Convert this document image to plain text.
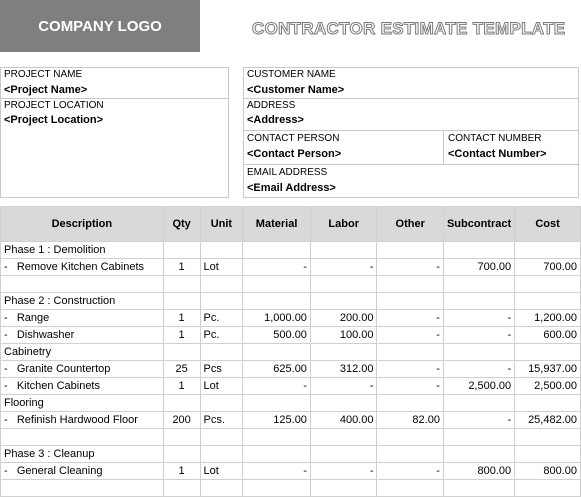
COMPANY LOGO	CONTRACTOR ESTIMATE TEMPLATE
PROJECT NAME
<Project Name>
PROJECT LOCATION
<Project Location>
CUSTOMER NAME
<Customer Name>
ADDRESS
<Address>
CONTACT PERSON
<Contact Person>
CONTACT NUMBER
<Contact Number>
EMAIL ADDRESS
<Email Address>
Description	Qty	Unit	Material	Labor	Other	Subcontract	Cost
Phase 1 : Demolition							
-   Remove Kitchen Cabinets	1	Lot	-	-	-	700.00	700.00

Phase 2 : Construction							
-   Range	1	Pc.	1,000.00	200.00	-	-	1,200.00
-   Dishwasher	1	Pc.	500.00	100.00	-	-	600.00
Cabinetry							
-   Granite Countertop	25	Pcs	625.00	312.00	-	-	15,937.00
-   Kitchen Cabinets	1	Lot	-	-	-	2,500.00	2,500.00
Flooring							
-   Refinish Hardwood Floor	200	Pcs.	125.00	400.00	82.00	-	25,482.00

Phase 3 : Cleanup							
-   General Cleaning	1	Lot	-	-	-	800.00	800.00
